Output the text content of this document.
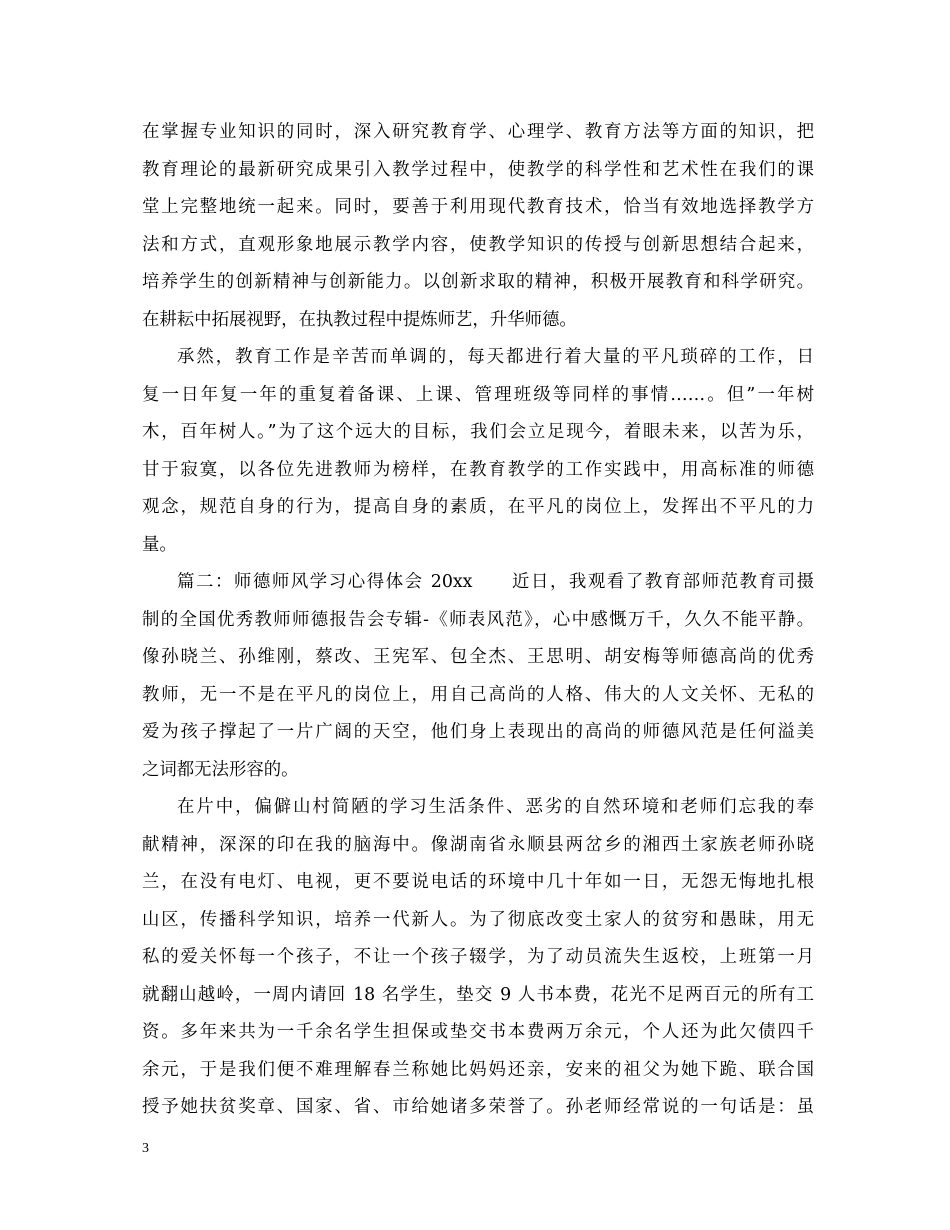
在掌握专业知识的同时，深入研究教育学、心理学、教育方法等方面的知识，把
教育理论的最新研究成果引入教学过程中，使教学的科学性和艺术性在我们的课
堂上完整地统一起来。同时，要善于利用现代教育技术，恰当有效地选择教学方
法和方式，直观形象地展示教学内容，使教学知识的传授与创新思想结合起来，
培养学生的创新精神与创新能力。以创新求取的精神，积极开展教育和科学研究。
在耕耘中拓展视野，在执教过程中提炼师艺，升华师德。
承然，教育工作是辛苦而单调的，每天都进行着大量的平凡琐碎的工作，日
复一日年复一年的重复着备课、上课、管理班级等同样的事情……。但”一年树
木，百年树人。”为了这个远大的目标，我们会立足现今，着眼未来，以苦为乐，
甘于寂寞，以各位先进教师为榜样，在教育教学的工作实践中，用高标准的师德
观念，规范自身的行为，提高自身的素质，在平凡的岗位上，发挥出不平凡的力
量。
篇二：师德师风学习心得体会 20xx　　近日，我观看了教育部师范教育司摄
制的全国优秀教师师德报告会专辑-《师表风范》，心中感慨万千，久久不能平静。
像孙晓兰、孙维刚，蔡改、王宪军、包全杰、王思明、胡安梅等师德高尚的优秀
教师，无一不是在平凡的岗位上，用自己高尚的人格、伟大的人文关怀、无私的
爱为孩子撑起了一片广阔的天空，他们身上表现出的高尚的师德风范是任何溢美
之词都无法形容的。
在片中，偏僻山村简陋的学习生活条件、恶劣的自然环境和老师们忘我的奉
献精神，深深的印在我的脑海中。像湖南省永顺县两岔乡的湘西土家族老师孙晓
兰，在没有电灯、电视，更不要说电话的环境中几十年如一日，无怨无悔地扎根
山区，传播科学知识，培养一代新人。为了彻底改变土家人的贫穷和愚昧，用无
私的爱关怀每一个孩子，不让一个孩子辍学，为了动员流失生返校，上班第一月
就翻山越岭，一周内请回 18 名学生，垫交 9 人书本费，花光不足两百元的所有工
资。多年来共为一千余名学生担保或垫交书本费两万余元，个人还为此欠债四千
余元，于是我们便不难理解春兰称她比妈妈还亲，安来的祖父为她下跪、联合国
授予她扶贫奖章、国家、省、市给她诸多荣誉了。孙老师经常说的一句话是：虽
3
